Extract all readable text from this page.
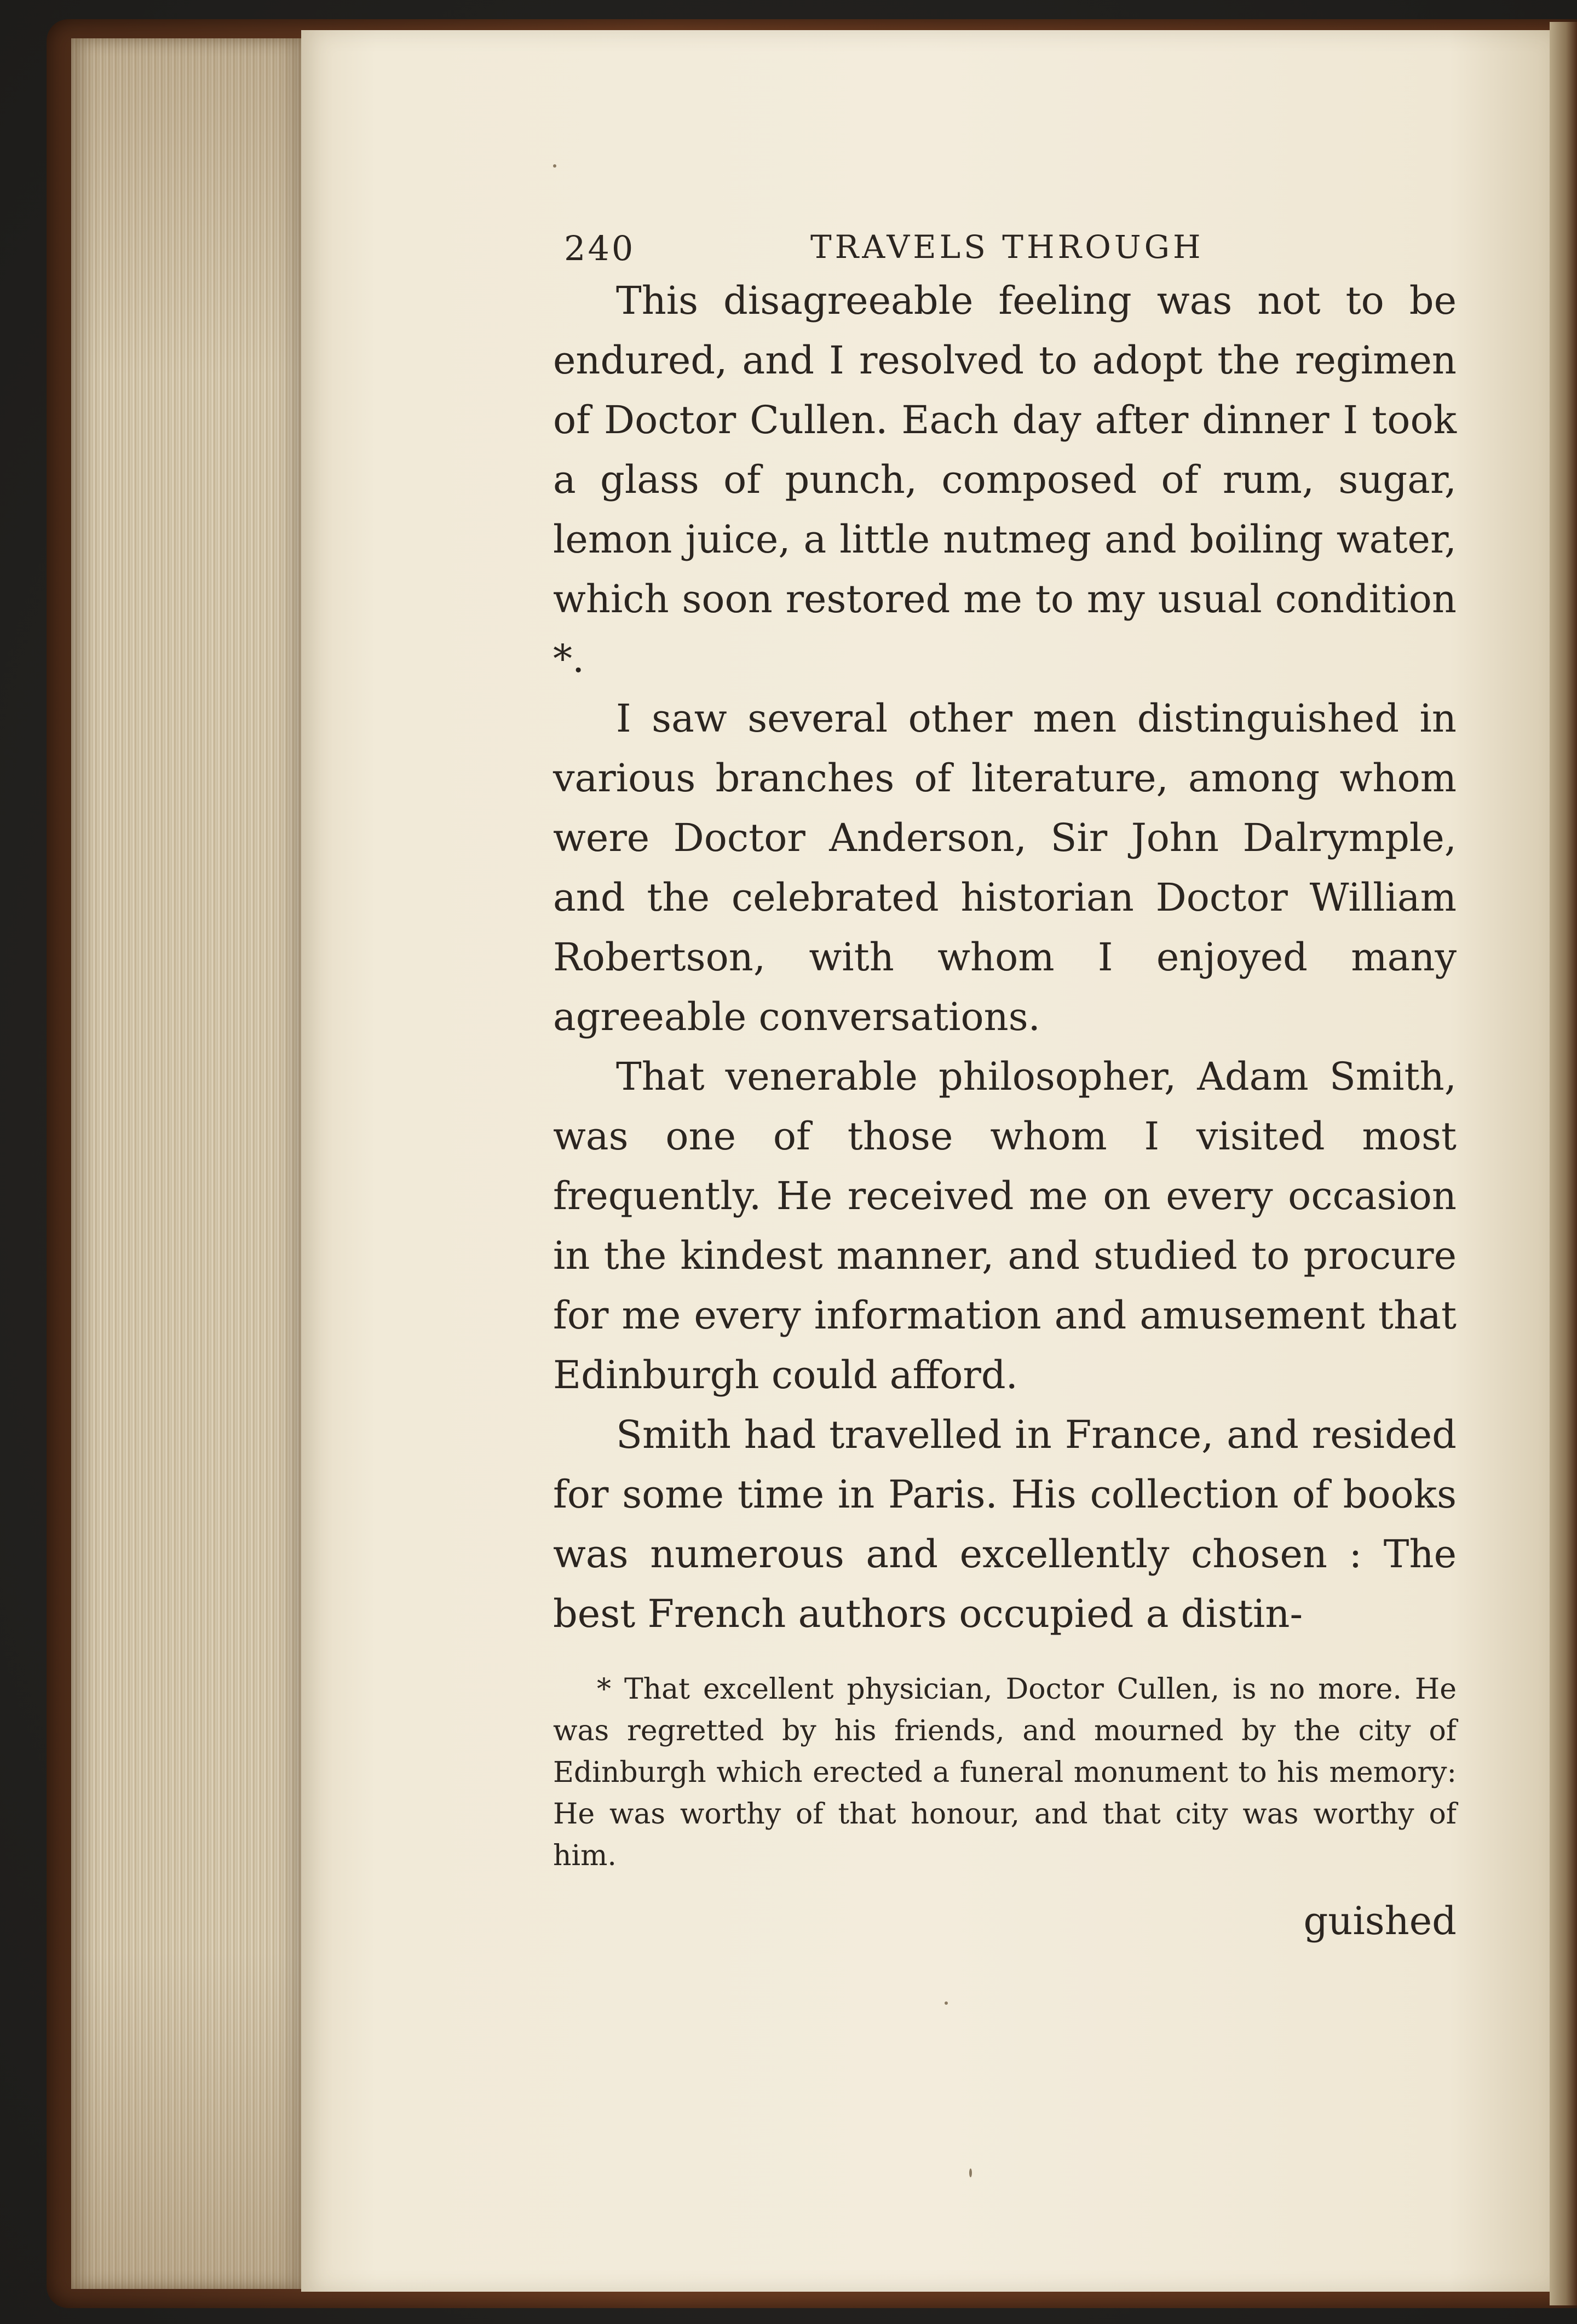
240	TRAVELS THROUGH

This disagreeable feeling was not to be endured, and I resolved to adopt the regimen of Doctor Cullen. Each day after dinner I took a glass of punch, composed of rum, sugar, lemon juice, a little nutmeg and boiling water, which soon restored me to my usual condition *.

I saw several other men distinguished in various branches of literature, among whom were Doctor Anderson, Sir John Dalrymple, and the celebrated historian Doctor William Robertson, with whom I enjoyed many agreeable conversations.

That venerable philosopher, Adam Smith, was one of those whom I visited most frequently. He received me on every occasion in the kindest manner, and studied to procure for me every information and amusement that Edinburgh could afford.

Smith had travelled in France, and resided for some time in Paris. His collection of books was numerous and excellently chosen : The best French authors occupied a distin-

* That excellent physician, Doctor Cullen, is no more. He was regretted by his friends, and mourned by the city of Edinburgh which erected a funeral monument to his memory: He was worthy of that honour, and that city was worthy of him.

guished
